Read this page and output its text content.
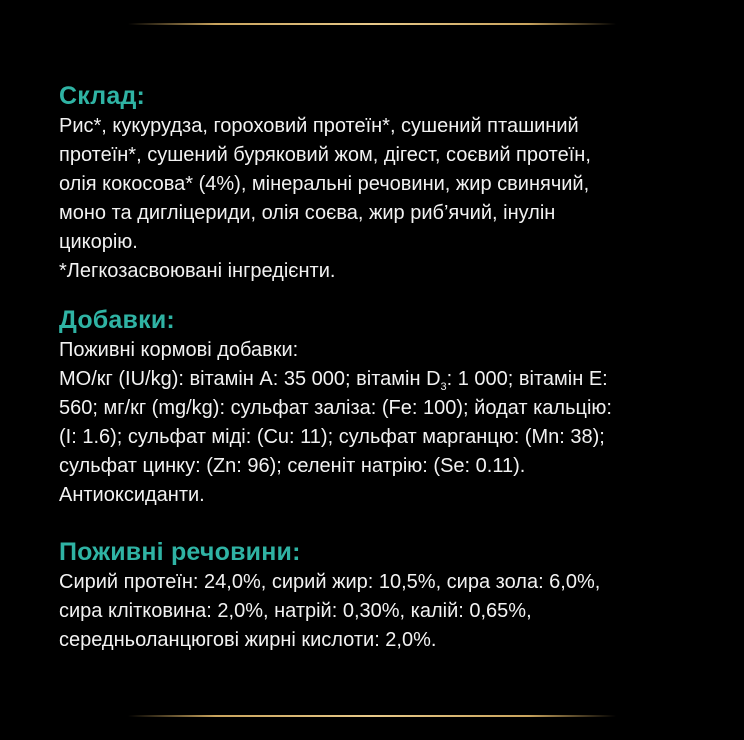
Склад:

Рис*, кукурудза, гороховий протеїн*, сушений пташиний
протеїн*, сушений буряковий жом, дігест, соєвий протеїн,
олія кокосова* (4%), мінеральні речовини, жир свинячий,
моно та дигліцериди, олія соєва, жир риб’ячий, інулін
цикорію.
*Легкозасвоювані інгредієнти.

Добавки:

Поживні кормові добавки:
МО/кг (IU/kg): вітамін А: 35 000; вітамін $D_3$: 1 000; вітамін Е:
560; мг/кг (mg/kg): сульфат заліза: (Fe: 100); йодат кальцію:
(I: 1.6); сульфат міді: (Cu: 11); сульфат марганцю: (Mn: 38);
сульфат цинку: (Zn: 96); селеніт натрію: (Se: 0.11).
Антиоксиданти.

Поживні речовини:

Сирий протеїн: 24,0%, сирий жир: 10,5%, сира зола: 6,0%,
сира клітковина: 2,0%, натрій: 0,30%, калій: 0,65%,
середньоланцюгові жирні кислоти: 2,0%.
